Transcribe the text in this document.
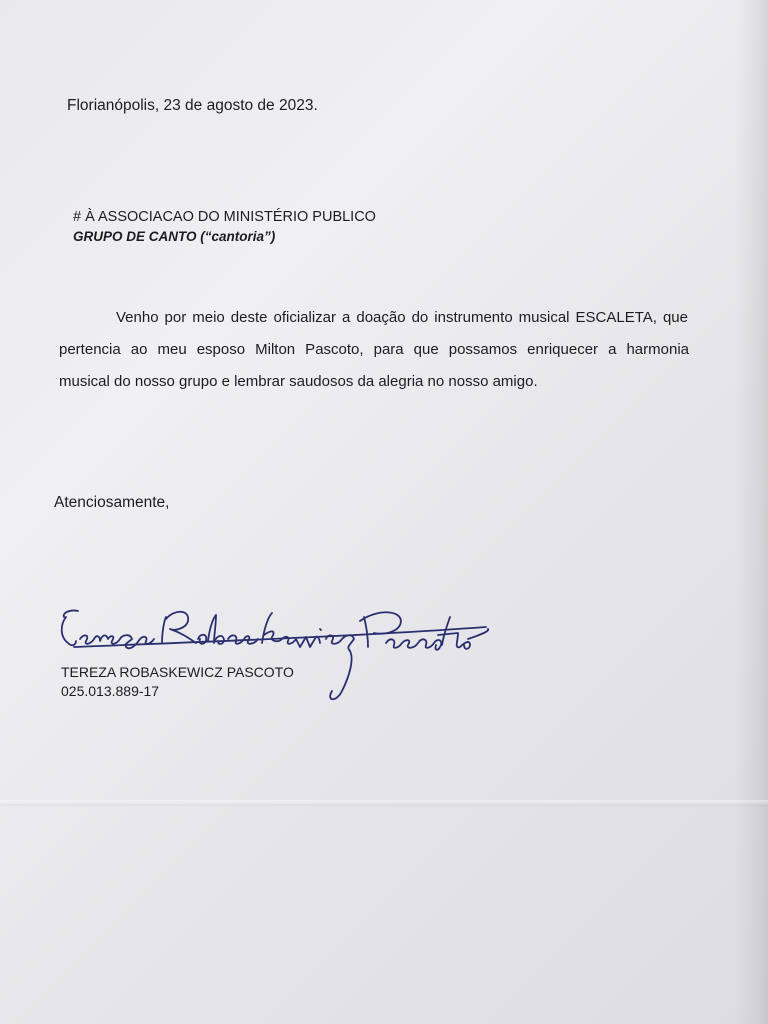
Florianópolis, 23 de agosto de 2023.
# À ASSOCIACAO DO MINISTÉRIO PUBLICO
GRUPO DE CANTO (“cantoria”)
Venho por meio deste oficializar a doação do instrumento musical ESCALETA, que
pertencia ao meu esposo Milton Pascoto, para que possamos enriquecer a harmonia
musical do nosso grupo e lembrar saudosos da alegria no nosso amigo.
Atenciosamente,
TEREZA ROBASKEWICZ PASCOTO
025.013.889-17
